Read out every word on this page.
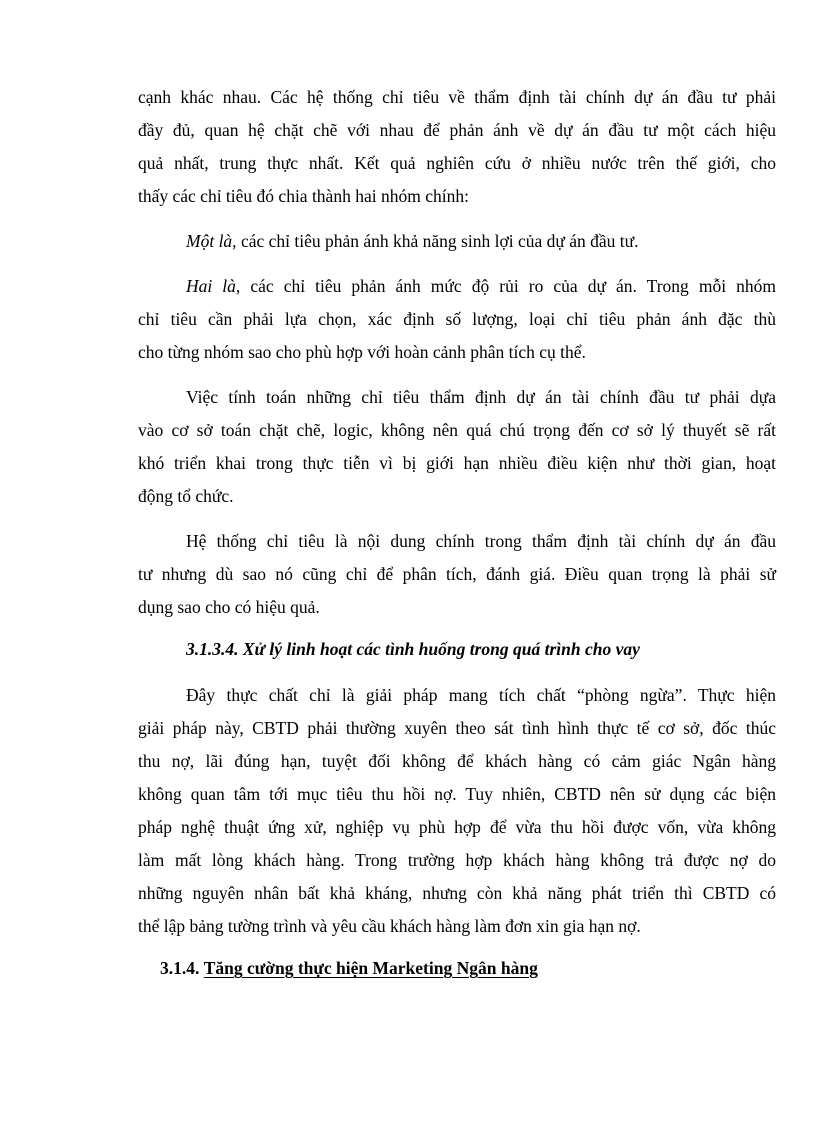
cạnh khác nhau. Các hệ thống chỉ tiêu về thẩm định tài chính dự án đầu tư phải
đầy đủ, quan hệ chặt chẽ với nhau để phản ánh về dự án đầu tư một cách hiệu
quả nhất, trung thực nhất. Kết quả nghiên cứu ở nhiều nước trên thế giới, cho
thấy các chỉ tiêu đó chia thành hai nhóm chính:
Một là, các chỉ tiêu phản ánh khả năng sinh lợi của dự án đầu tư.
Hai là, các chỉ tiêu phản ánh mức độ rủi ro của dự án. Trong mỗi nhóm
chỉ tiêu cần phải lựa chọn, xác định số lượng, loại chỉ tiêu phản ánh đặc thù
cho từng nhóm sao cho phù hợp với hoàn cảnh phân tích cụ thể.
Việc tính toán những chỉ tiêu thẩm định dự án tài chính đầu tư phải dựa
vào cơ sở toán chặt chẽ, logic, không nên quá chú trọng đến cơ sở lý thuyết sẽ rất
khó triển khai trong thực tiễn vì bị giới hạn nhiều điều kiện như thời gian, hoạt
động tổ chức.
Hệ thống chỉ tiêu là nội dung chính trong thẩm định tài chính dự án đầu
tư nhưng dù sao nó cũng chỉ để phân tích, đánh giá. Điều quan trọng là phải sử
dụng sao cho có hiệu quả.
3.1.3.4. Xử lý linh hoạt các tình huống trong quá trình cho vay
Đây thực chất chỉ là giải pháp mang tích chất “phòng ngừa”. Thực hiện
giải pháp này, CBTD phải thường xuyên theo sát tình hình thực tế cơ sở, đốc thúc
thu nợ, lãi đúng hạn, tuyệt đối không để khách hàng có cảm giác Ngân hàng
không quan tâm tới mục tiêu thu hồi nợ. Tuy nhiên, CBTD nên sử dụng các biện
pháp nghệ thuật ứng xử, nghiệp vụ phù hợp để vừa thu hồi được vốn, vừa không
làm mất lòng khách hàng. Trong trường hợp khách hàng không trả được nợ do
những nguyên nhân bất khả kháng, nhưng còn khả năng phát triển thì CBTD có
thể lập bảng tường trình và yêu cầu khách hàng làm đơn xin gia hạn nợ.
3.1.4. Tăng cường thực hiện Marketing Ngân hàng
